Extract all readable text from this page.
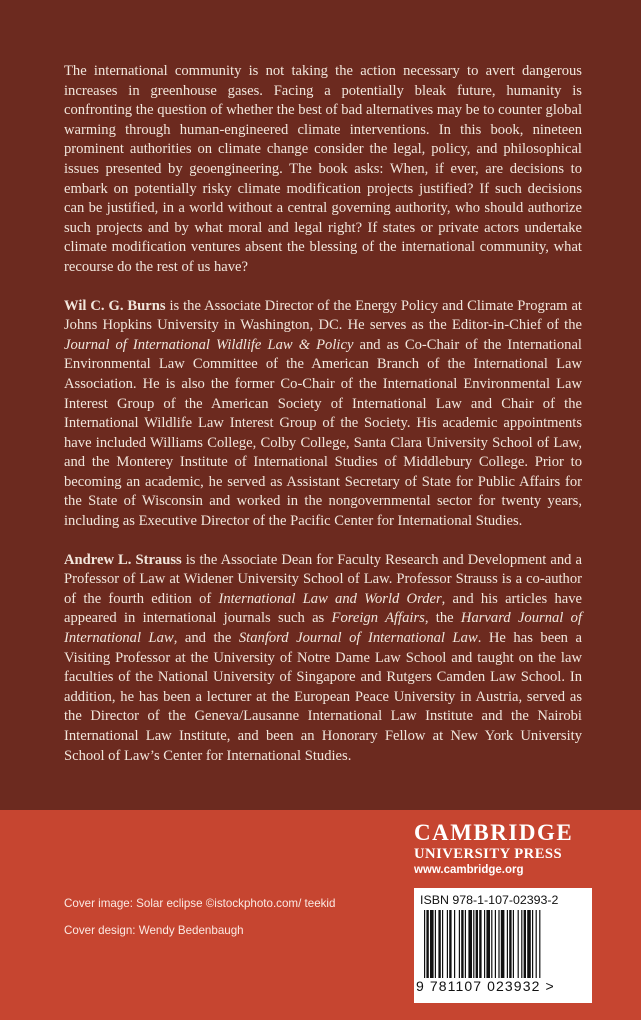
The international community is not taking the action necessary to avert dangerous increases in greenhouse gases. Facing a potentially bleak future, humanity is confronting the question of whether the best of bad alternatives may be to counter global warming through human-engineered climate interventions. In this book, nineteen prominent authorities on climate change consider the legal, policy, and philosophical issues presented by geoengineering. The book asks: When, if ever, are decisions to embark on potentially risky climate modification projects justified? If such decisions can be justified, in a world without a central governing authority, who should authorize such projects and by what moral and legal right? If states or private actors undertake climate modification ventures absent the blessing of the international community, what recourse do the rest of us have?

Wil C. G. Burns is the Associate Director of the Energy Policy and Climate Program at Johns Hopkins University in Washington, DC. He serves as the Editor-in-Chief of the Journal of International Wildlife Law & Policy and as Co-Chair of the International Environmental Law Committee of the American Branch of the International Law Association. He is also the former Co-Chair of the International Environmental Law Interest Group of the American Society of International Law and Chair of the International Wildlife Law Interest Group of the Society. His academic appointments have included Williams College, Colby College, Santa Clara University School of Law, and the Monterey Institute of International Studies of Middlebury College. Prior to becoming an academic, he served as Assistant Secretary of State for Public Affairs for the State of Wisconsin and worked in the nongovernmental sector for twenty years, including as Executive Director of the Pacific Center for International Studies.

Andrew L. Strauss is the Associate Dean for Faculty Research and Development and a Professor of Law at Widener University School of Law. Professor Strauss is a co-author of the fourth edition of International Law and World Order, and his articles have appeared in international journals such as Foreign Affairs, the Harvard Journal of International Law, and the Stanford Journal of International Law. He has been a Visiting Professor at the University of Notre Dame Law School and taught on the law faculties of the National University of Singapore and Rutgers Camden Law School. In addition, he has been a lecturer at the European Peace University in Austria, served as the Director of the Geneva/Lausanne International Law Institute and the Nairobi International Law Institute, and been an Honorary Fellow at New York University School of Law’s Center for International Studies.

Cover image: Solar eclipse ©istockphoto.com/ teekid
Cover design: Wendy Bedenbaugh
CAMBRIDGE
UNIVERSITY PRESS
www.cambridge.org
ISBN 978-1-107-02393-2
9 781107 023932 >
